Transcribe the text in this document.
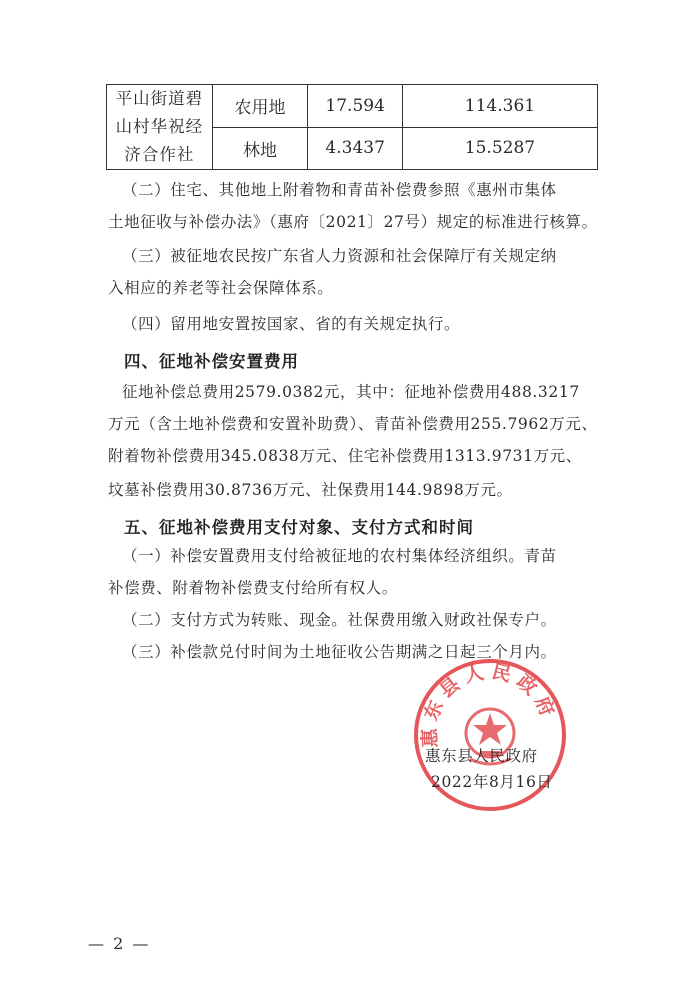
平山街道碧
山村华祝经
济合作社	农用地	17.594	114.361
	林地	4.3437	15.5287
（二）住宅、其他地上附着物和青苗补偿费参照《惠州市集体
土地征收与补偿办法》（惠府〔2021〕27号）规定的标准进行核算。
（三）被征地农民按广东省人力资源和社会保障厅有关规定纳
入相应的养老等社会保障体系。
（四）留用地安置按国家、省的有关规定执行。
四、征地补偿安置费用
征地补偿总费用2579.0382元，其中：征地补偿费用488.3217
万元（含土地补偿费和安置补助费）、青苗补偿费用255.7962万元、
附着物补偿费用345.0838万元、住宅补偿费用1313.9731万元、
坟墓补偿费用30.8736万元、社保费用144.9898万元。
五、征地补偿费用支付对象、支付方式和时间
（一）补偿安置费用支付给被征地的农村集体经济组织。青苗
补偿费、附着物补偿费支付给所有权人。
（二）支付方式为转账、现金。社保费用缴入财政社保专户。
（三）补偿款兑付时间为土地征收公告期满之日起三个月内。
惠东县人民政府
惠东县人民政府
2022年8月16日
— 2 —
